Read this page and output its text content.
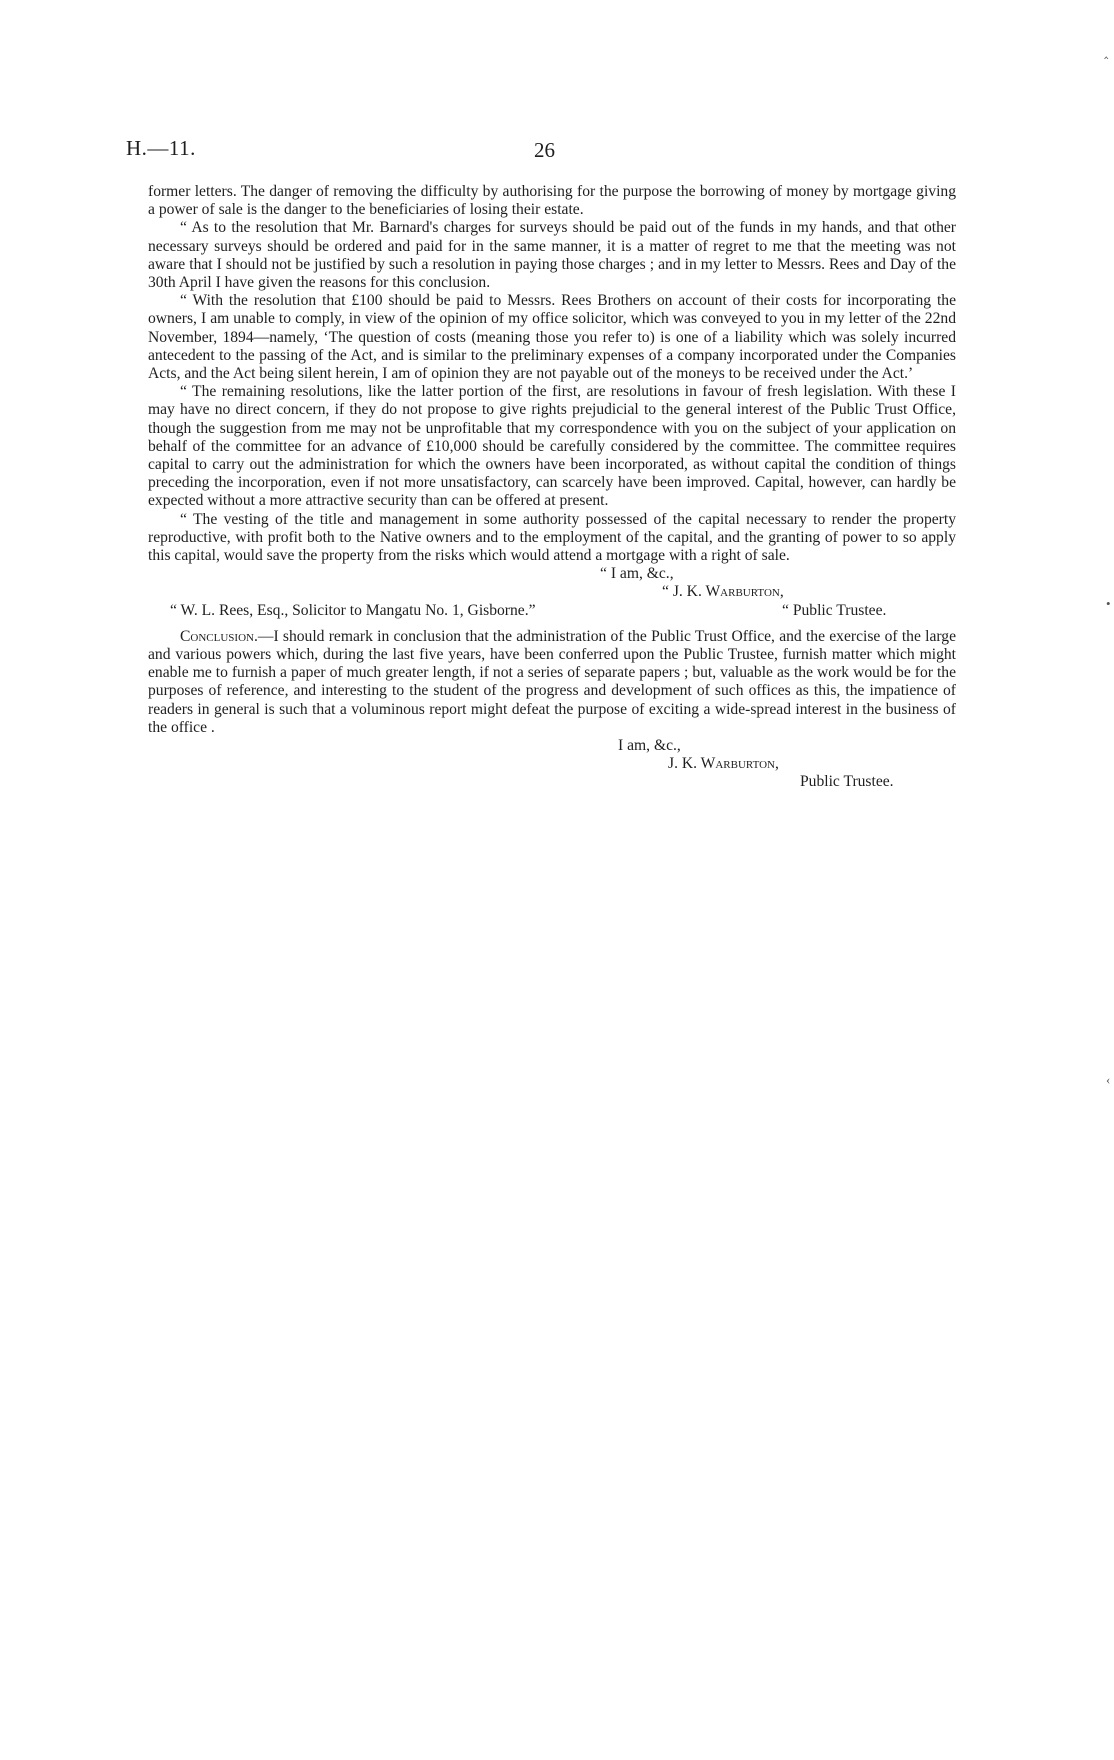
H.—11.	26

former letters. The danger of removing the difficulty by authorising for the purpose the borrowing of money by mortgage giving a power of sale is the danger to the beneficiaries of losing their estate.

“ As to the resolution that Mr. Barnard's charges for surveys should be paid out of the funds in my hands, and that other necessary surveys should be ordered and paid for in the same manner, it is a matter of regret to me that the meeting was not aware that I should not be justified by such a resolution in paying those charges ; and in my letter to Messrs. Rees and Day of the 30th April I have given the reasons for this conclusion.

“ With the resolution that £100 should be paid to Messrs. Rees Brothers on account of their costs for incorporating the owners, I am unable to comply, in view of the opinion of my office solicitor, which was conveyed to you in my letter of the 22nd November, 1894—namely, ‘The question of costs (meaning those you refer to) is one of a liability which was solely incurred antecedent to the passing of the Act, and is similar to the preliminary expenses of a company incorporated under the Companies Acts, and the Act being silent herein, I am of opinion they are not payable out of the moneys to be received under the Act.’

“ The remaining resolutions, like the latter portion of the first, are resolutions in favour of fresh legislation. With these I may have no direct concern, if they do not propose to give rights prejudicial to the general interest of the Public Trust Office, though the suggestion from me may not be unprofitable that my correspondence with you on the subject of your application on behalf of the committee for an advance of £10,000 should be carefully considered by the committee. The committee requires capital to carry out the administration for which the owners have been incorporated, as without capital the condition of things preceding the incorporation, even if not more unsatisfactory, can scarcely have been improved. Capital, however, can hardly be expected without a more attractive security than can be offered at present.

“ The vesting of the title and management in some authority possessed of the capital necessary to render the property reproductive, with profit both to the Native owners and to the employment of the capital, and the granting of power to so apply this capital, would save the property from the risks which would attend a mortgage with a right of sale.

“ I am, &c.,
“ J. K. Warburton,
“ W. L. Rees, Esq., Solicitor to Mangatu No. 1, Gisborne.”	“ Public Trustee.

Conclusion.—I should remark in conclusion that the administration of the Public Trust Office, and the exercise of the large and various powers which, during the last five years, have been conferred upon the Public Trustee, furnish matter which might enable me to furnish a paper of much greater length, if not a series of separate papers ; but, valuable as the work would be for the purposes of reference, and interesting to the student of the progress and development of such offices as this, the impatience of readers in general is such that a voluminous report might defeat the purpose of exciting a wide-spread interest in the business of the office .

I am, &c.,
J. K. Warburton,
Public Trustee.
‸
•
‹
